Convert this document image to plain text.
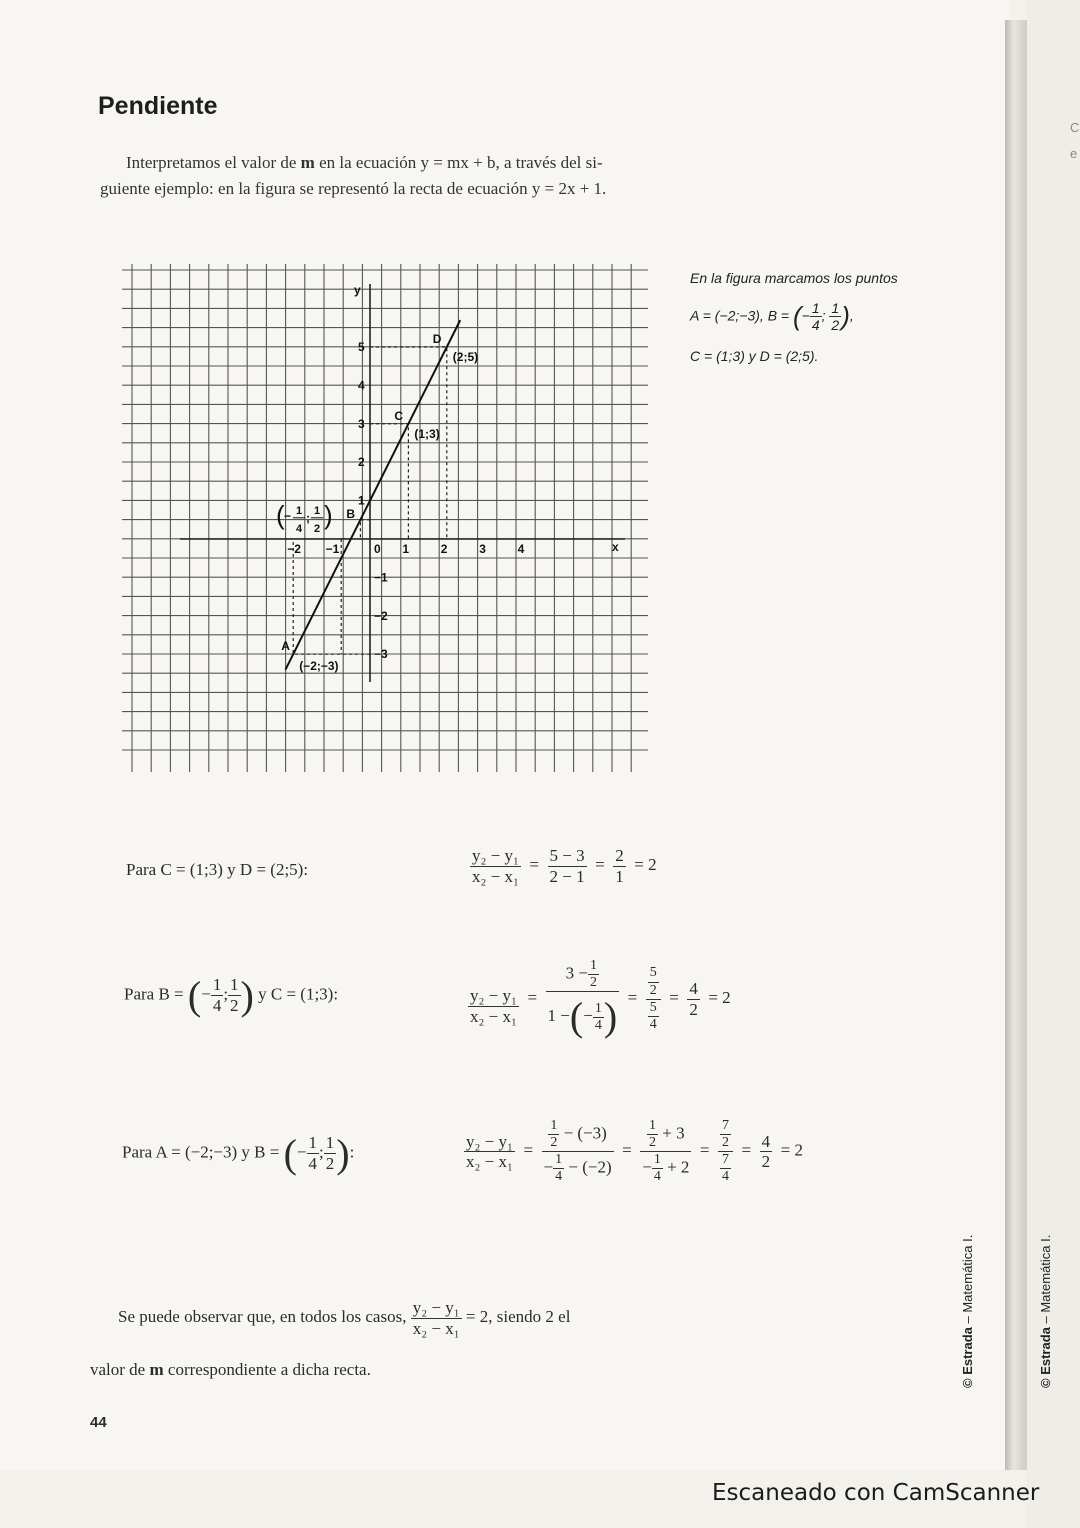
Pendiente
Interpretamos el valor de m en la ecuación y = mx + b, a través del si-
guiente ejemplo: en la figura se representó la recta de ecuación y = 2x + 1.
y
x
−2 −1	0 1	2	3	4
1
2
3
4
5
−1
−2
−3
D
(2;5)
C
(1;3)
A
(−2;−3)
B
( − 1
4
; 1
2 )
En la figura marcamos los puntos
A = (−2;−3), B = (− $\frac{1}{4}$ ; $\frac{1}{2}$ ),
C = (1;3) y D = (2;5).
Para C = (1;3) y D = (2;5):	$\frac{\text{y₂ − y₁}}{\text{x₂ − x₁}} = \frac{5 - 3}{2 - 1} = \frac{2}{1} = 2$
Para B = (− $\frac{1}{4}$ ; $\frac{1}{2}$ ) y C = (1;3):	$\frac{\text{y₂ − y₁}}{\text{x₂ − x₁}} = \frac{3 - \frac{1}{2}}{1 -(- \frac{1}{4} )} = \frac{\frac{5}{2}}{\frac{5}{4}} = \frac{4}{2} = 2$
Para A = (−2;−3) y B = (− $\frac{1}{4}$ ; $\frac{1}{2}$ ):	$\frac{\text{y₂ − y₁}}{\text{x₂ − x₁}} = \frac{\frac{1}{2} - (-3)}{- \frac{1}{4} - (-2)} = \frac{\frac{1}{2} + 3}{- \frac{1}{4} + 2} = \frac{\frac{7}{2}}{\frac{7}{4}} = \frac{4}{2} = 2$
Se puede observar que, en todos los casos, $\frac{\text{y₂ − y₁}}{\text{x₂ − x₁}} = 2$, siendo 2 el
valor de m correspondiente a dicha recta.
44
© Estrada – Matemática I.
© Estrada – Matemática I.
C
e
Escaneado con CamScanner
